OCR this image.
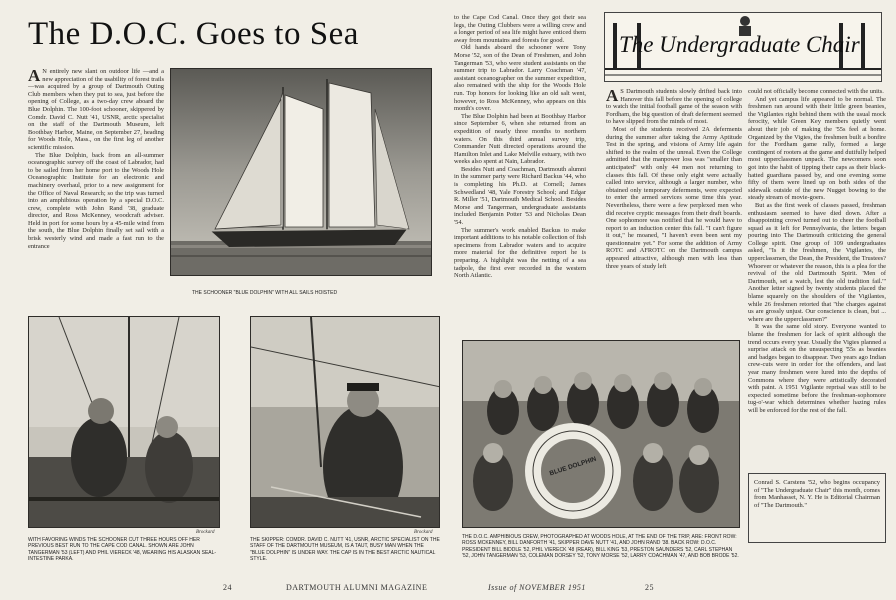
The D.O.C. Goes to Sea

A N entirely new slant on outdoor life —and a new appreciation of the usability of forest trails—was acquired by a group of Dartmouth Outing Club members when they put to sea, just before the opening of College, as a two-day crew aboard the Blue Dolphin. The 100-foot schooner, skippered by Comdr. David C. Nutt '41, USNR, arctic specialist on the staff of the Dartmouth Museum, left Boothbay Harbor, Maine, on September 27, heading for Woods Hole, Mass., on the first leg of another scientific mission.

The Blue Dolphin, back from an all-summer oceanographic survey off the coast of Labrador, had to be sailed from her home port to the Woods Hole Oceanographic Institute for an electronic and machinery overhaul, prior to a new assignment for the Office of Naval Research; so the trip was turned into an amphibious operation by a special D.O.C. crew, complete with John Rand '38, graduate director, and Ross McKenney, woodcraft adviser. Held in port for some hours by a 45-mile wind from the south, the Blue Dolphin finally set sail with a brisk westerly wind and made a fast run to the entrance

THE SCHOONER "BLUE DOLPHIN" WITH ALL SAILS HOISTED
Brockard
WITH FAVORING WINDS THE SCHOONER CUT THREE HOURS OFF HER PREVIOUS BEST RUN TO THE CAPE COD CANAL. SHOWN ARE JOHN TANGERMAN '53 (LEFT) AND PHIL VIERECK '48, WEARING HIS ALASKAN SEAL-INTESTINE PARKA.
Brockard
THE SKIPPER: COMDR. DAVID C. NUTT '41, USNR, ARCTIC SPECIALIST ON THE STAFF OF THE DARTMOUTH MUSEUM, IS A TAUT, BUSY MAN WHEN THE "BLUE DOLPHIN" IS UNDER WAY. THE CAP IS IN THE BEST ARCTIC NAUTICAL STYLE.
24	DARTMOUTH ALUMNI MAGAZINE

to the Cape Cod Canal. Once they got their sea legs, the Outing Clubbers were a willing crew and a longer period of sea life might have enticed them away from mountains and forests for good.

Old hands aboard the schooner were Tony Morse '52, son of the Dean of Freshmen, and John Tangerman '53, who were student assistants on the summer trip to Labrador. Larry Coachman '47, assistant oceanographer on the summer expedition, also remained with the ship for the Woods Hole run. Top honors for looking like an old salt went, however, to Ross McKenney, who appears on this month's cover.

The Blue Dolphin had been at Boothbay Harbor since September 6, when she returned from an expedition of nearly three months to northern waters. On this third annual survey trip, Commander Nutt directed operations around the Hamilton Inlet and Lake Melville estuary, with two weeks also spent at Nain, Labrador.

Besides Nutt and Coachman, Dartmouth alumni in the summer party were Richard Backus '44, who is completing his Ph.D. at Cornell; James Schwedland '48, Yale Forestry School; and Edgar R. Miller '51, Dartmouth Medical School. Besides Morse and Tangerman, undergraduate assistants included Benjamin Potter '53 and Nicholas Dean '54.

The summer's work enabled Backus to make important additions to his notable collection of fish specimens from Labrador waters and to acquire more material for the definitive report he is preparing. A highlight was the netting of a sea tadpole, the first ever recorded in the western North Atlantic.

The Undergraduate Chair

A S Dartmouth students slowly drifted back into Hanover this fall before the opening of college to watch the initial football game of the season with Fordham, the big question of draft deferment seemed to have slipped from the minds of most.

Most of the students received 2A deferments during the summer after taking the Army Aptitude Test in the spring, and visions of Army life again shifted to the realm of the unreal. Even the College admitted that the manpower loss was "smaller than anticipated" with only 44 men not returning to classes this fall. Of these only eight were actually called into service, although a larger number, who obtained only temporary deferments, were expected to enter the armed services some time this year. Nevertheless, there were a few perplexed men who did receive cryptic messages from their draft boards. One sophomore was notified that he would have to report to an induction center this fall. "I can't figure it out," he moaned, "I haven't even been sent my questionnaire yet." For some the addition of Army ROTC and AFROTC on the Dartmouth campus appeared attractive, although men with less than three years of study left

could not officially become connected with the units.

And yet campus life appeared to be normal. The freshmen ran around with their little green beanies, the Vigilantes right behind them with the usual mock ferocity, while Green Key members quietly went about their job of making the '55s feel at home. Organized by the Vigies, the freshmen built a bonfire for the Fordham game rally, formed a large contingent of rooters at the game and dutifully helped most upperclassmen unpack. The newcomers soon got into the habit of tipping their caps as their black-hatted guardians passed by, and one evening some fifty of them were lined up on both sides of the sidewalk outside of the new Nugget bowing to the steady stream of movie-goers.

But as the first week of classes passed, freshman enthusiasm seemed to have died down. After a disappointing crowd turned out to cheer the football squad as it left for Pennsylvania, the letters began pouring into The Dartmouth criticizing the general College spirit. One group of 109 undergraduates asked, "Is it the freshmen, the Vigilantes, the upperclassmen, the Dean, the President, the Trustees? Whoever or whatever the reason, this is a plea for the revival of the old Dartmouth Spirit. 'Men of Dartmouth, set a watch, lest the old tradition fail.'" Another letter signed by twenty students placed the blame squarely on the shoulders of the Vigilantes, while 26 freshmen retorted that "the charges against us are grossly unjust. Our conscience is clean, but ... where are the upperclassmen?"

It was the same old story. Everyone wanted to blame the freshmen for lack of spirit although the trend occurs every year. Usually the Vigies planned a surprise attack on the unsuspecting '55s as beanies and badges began to disappear. Two years ago Indian crew-cuts were in order for the offenders, and last year many freshmen were lured into the depths of Commons where they were artistically decorated with paint. A 1951 Vigilante reprisal was still to be expected sometime before the freshman-sophomore tug-o'-war which determines whether hazing rules will be enforced for the rest of the fall.

BLUE DOLPHIN
THE D.O.C. AMPHIBIOUS CREW, PHOTOGRAPHED AT WOODS HOLE, AT THE END OF THE TRIP, ARE: FRONT ROW: ROSS MCKENNEY, BILL DANFORTH '41, SKIPPER DAVE NUTT '41, AND JOHN RAND '38. BACK ROW: D.O.C. PRESIDENT BILL BIDDLE '52, PHIL VIERECK '48 (REAR), BILL KING '53, PRESTON SAUNDERS '52, CARL STEPHAN '52, JOHN TANGERMAN '53, COLEMAN DORSEY '52, TONY MORSE '52, LARRY COACHMAN '47, AND BOB BRODE '52.

Conrad S. Carstens '52, who begins occupancy of "The Undergraduate Chair" this month, comes from Manhasset, N. Y. He is Editorial Chairman of "The Dartmouth."

Issue of NOVEMBER 1951	25
